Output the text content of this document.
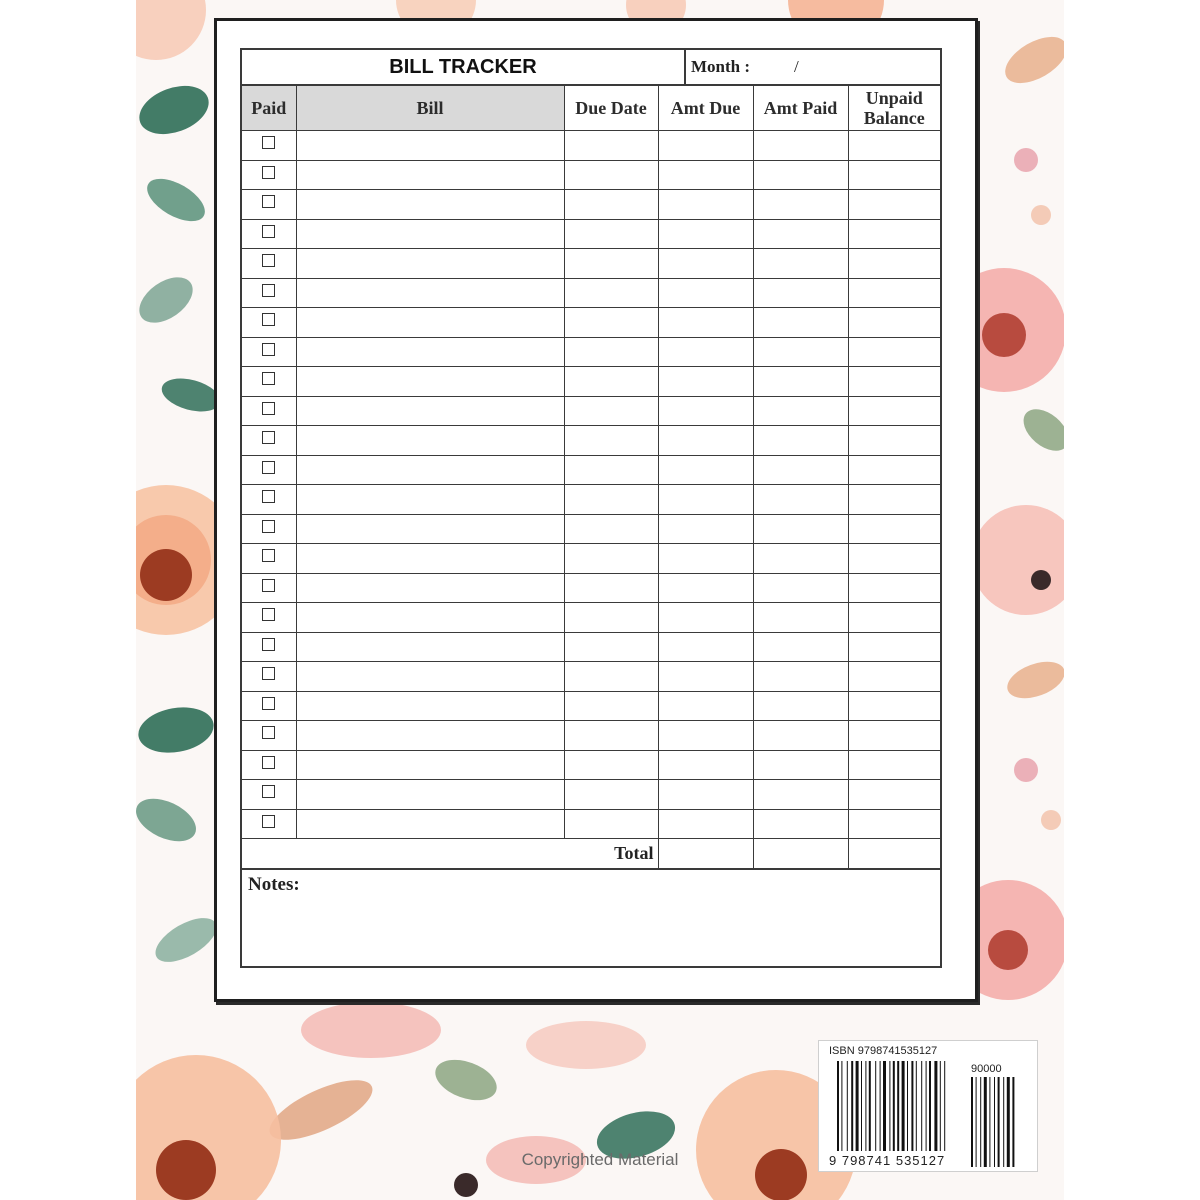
BILL TRACKER	Month :	/
Paid	Bill	Due Date	Amt Due	Amt Paid	Unpaid Balance

Total					
Notes:
ISBN 9798741535127
90000
9 798741 535127
Copyrighted Material
